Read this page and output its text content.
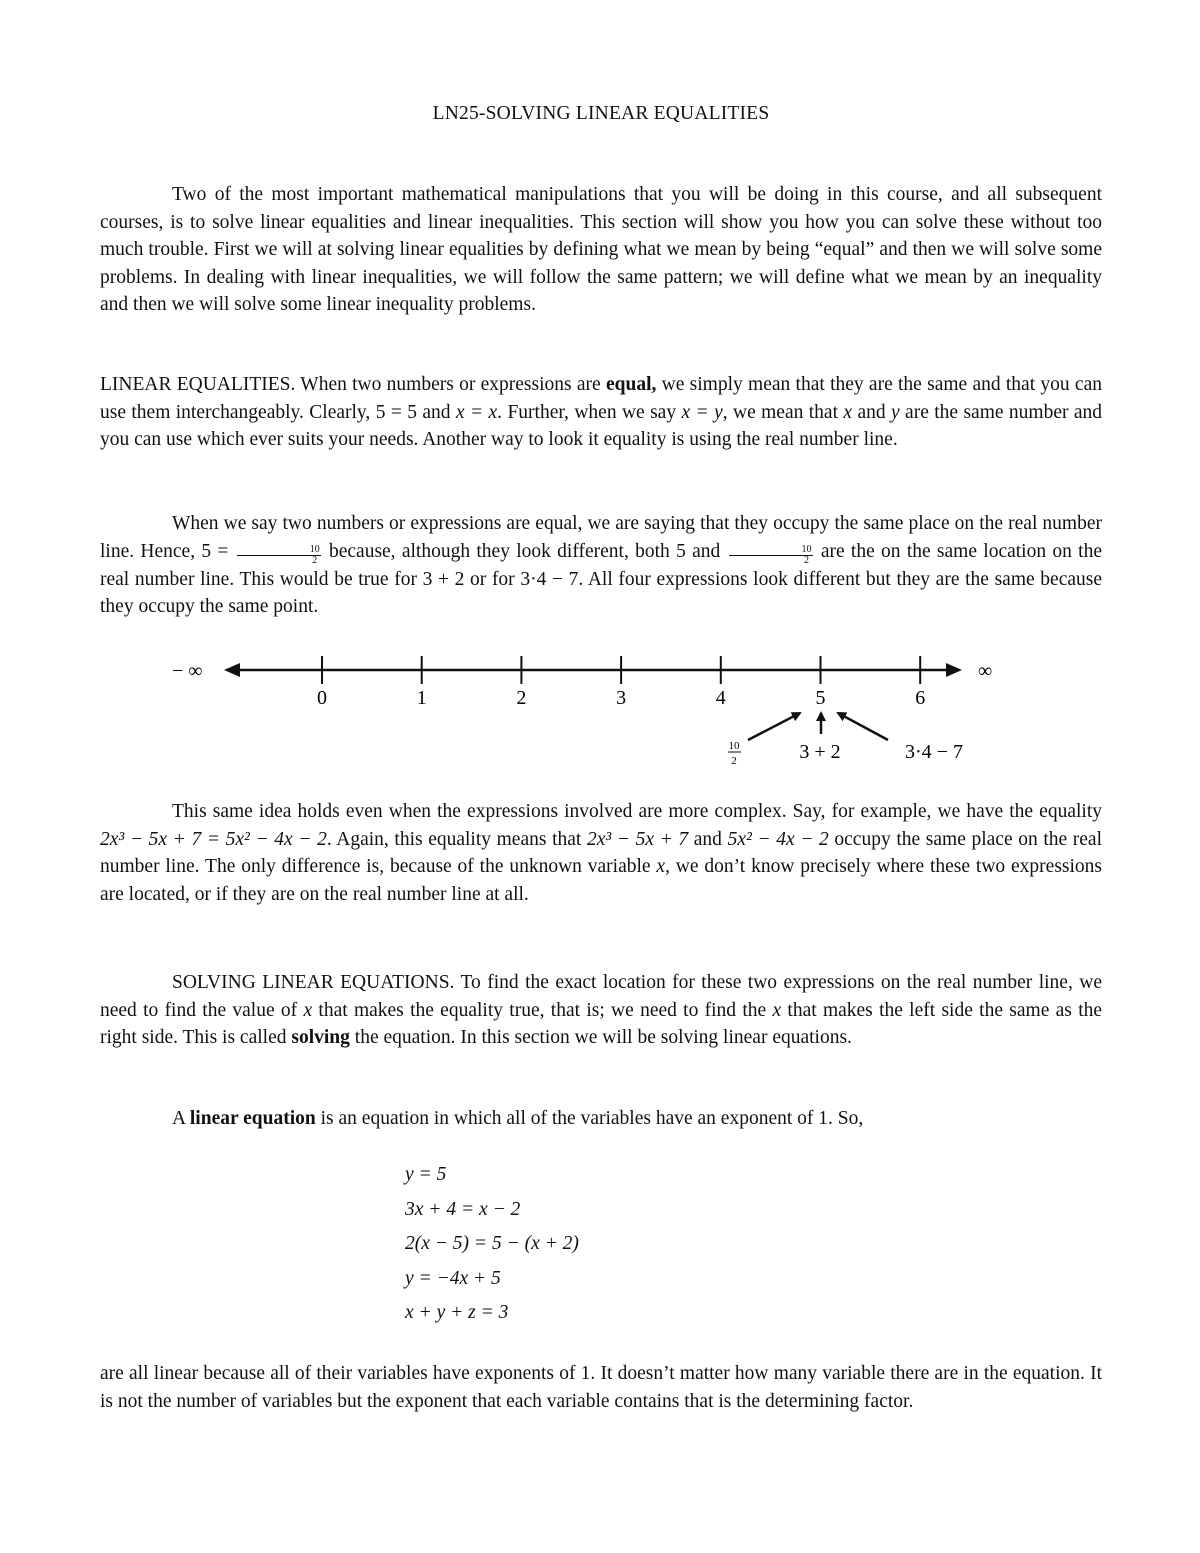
LN25-SOLVING LINEAR EQUALITIES

Two of the most important mathematical manipulations that you will be doing in this course, and all subsequent courses, is to solve linear equalities and linear inequalities. This section will show you how you can solve these without too much trouble. First we will at solving linear equalities by defining what we mean by being “equal” and then we will solve some problems. In dealing with linear inequalities, we will follow the same pattern; we will define what we mean by an inequality and then we will solve some linear inequality problems.

LINEAR EQUALITIES. When two numbers or expressions are equal, we simply mean that they are the same and that you can use them interchangeably. Clearly, 5 = 5 and x = x. Further, when we say x = y, we mean that x and y are the same number and you can use which ever suits your needs. Another way to look it equality is using the real number line.

When we say two numbers or expressions are equal, we are saying that they occupy the same place on the real number line. Hence, $5 = \frac{10}{2}$ because, although they look different, both 5 and $\frac{10}{2}$ are the on the same location on the real number line. This would be true for 3 + 2 or for 3·4 − 7. All four expressions look different but they are the same because they occupy the same point.

This same idea holds even when the expressions involved are more complex. Say, for example, we have the equality 2x³ − 5x + 7 = 5x² − 4x − 2. Again, this equality means that 2x³ − 5x + 7 and 5x² − 4x − 2 occupy the same place on the real number line. The only difference is, because of the unknown variable x, we don’t know precisely where these two expressions are located, or if they are on the real number line at all.

SOLVING LINEAR EQUATIONS. To find the exact location for these two expressions on the real number line, we need to find the value of x that makes the equality true, that is; we need to find the x that makes the left side the same as the right side. This is called solving the equation. In this section we will be solving linear equations.

A linear equation is an equation in which all of the variables have an exponent of 1. So,

are all linear because all of their variables have exponents of 1. It doesn’t matter how many variable there are in the equation. It is not the number of variables but the exponent that each variable contains that is the determining factor.

y = 5
3x + 4 = x − 2
2(x − 5) = 5 − (x + 2)
y = −4x + 5
x + y + z = 3
− ∞	∞
0	1	2	3	4	5	6
10
2	3 + 2	3·4 − 7
